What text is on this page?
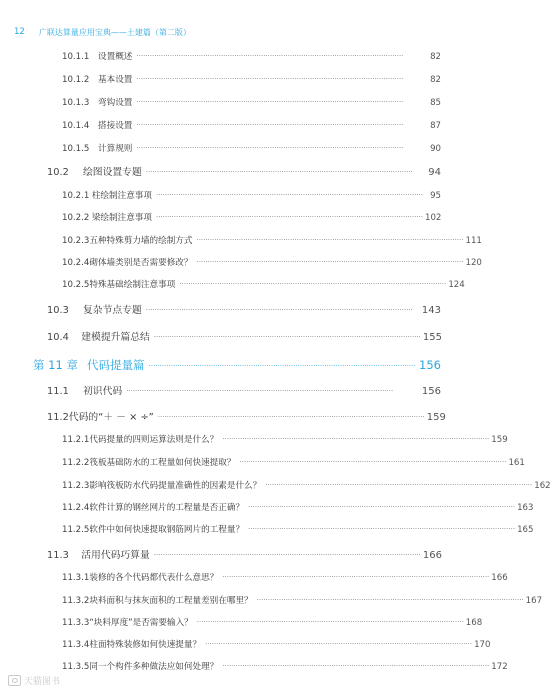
12 广联达算量应用宝典——土建篇（第二版）
10.1.1	设置概述 ························································································································	82
10.1.2	基本设置 ························································································································	82
10.1.3	弯钩设置 ························································································································	85
10.1.4	搭接设置 ························································································································	87
10.1.5	计算规则 ························································································································	90
10.2	绘图设置专题 ························································································································	94
10.2.1 柱绘制注意事项 ························································································································ 95
10.2.2 梁绘制注意事项 ························································································································ 102
10.2.3 五种特殊剪力墙的绘制方式 ························································································································ 111
10.2.4 砌体墙类别是否需要修改？ ························································································································ 120
10.2.5 特殊基础绘制注意事项 ························································································································ 124
10.3	复杂节点专题 ························································································································ 143
10.4	建模提升篇总结 ························································································································ 155
第 11 章 代码提量篇 ························································································································ 156
11.1	初识代码 ························································································································	156
11.2 代码的“＋ － × ÷” ························································································································ 159
11.2.1 代码提量的四则运算法则是什么？ ························································································································ 159
11.2.2 筏板基础防水的工程量如何快速提取？ ························································································································ 161
11.2.3 影响筏板防水代码提量准确性的因素是什么？ ························································································································ 162
11.2.4 软件计算的钢丝网片的工程量是否正确？ ························································································································ 163
11.2.5 软件中如何快速提取钢筋网片的工程量？ ························································································································ 165
11.3	活用代码巧算量 ························································································································ 166
11.3.1 装修的各个代码都代表什么意思？ ························································································································ 166
11.3.2 块料面积与抹灰面积的工程量差别在哪里？ ························································································································ 167
11.3.3 “块料厚度”是否需要输入？ ························································································································ 168
11.3.4 柱面特殊装修如何快速提量？ ························································································································ 170
11.3.5 同一个构件多种做法应如何处理？ ························································································································ 172
天猫图书
